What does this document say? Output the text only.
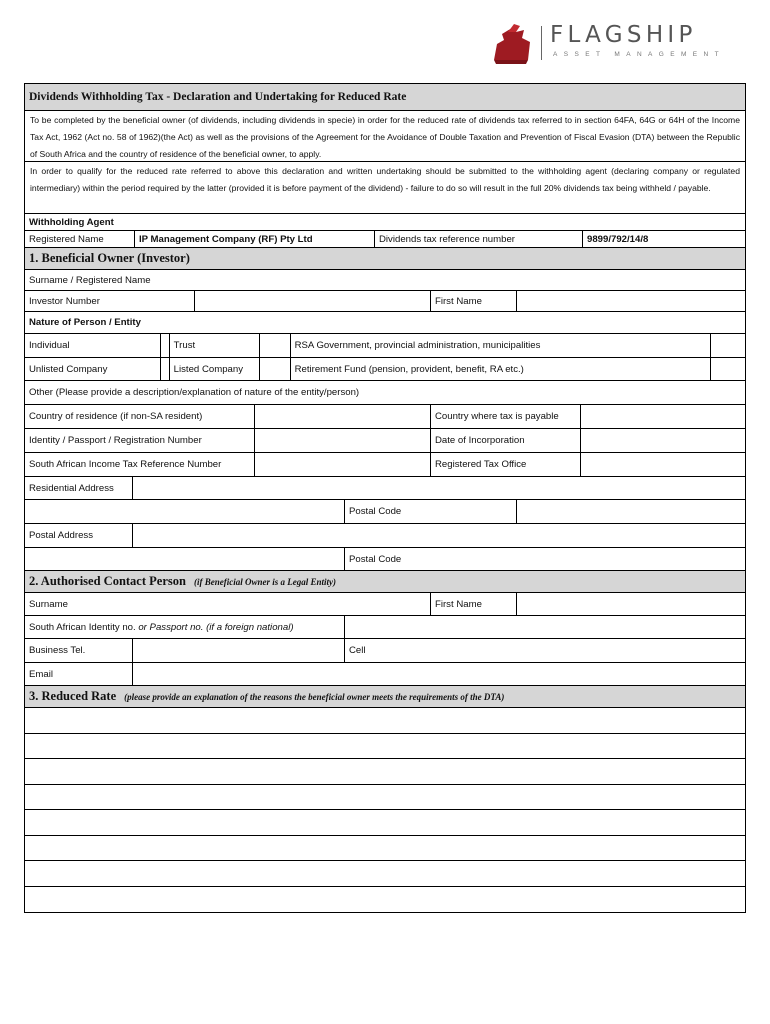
FLAGSHIP
ASSET MANAGEMENT
Dividends Withholding Tax - Declaration and Undertaking for Reduced Rate
To be completed by the beneficial owner (of dividends, including dividends in specie) in order for the reduced rate of dividends tax referred to in section 64FA, 64G or 64H of the Income Tax Act, 1962 (Act no. 58 of 1962)(the Act) as well as the provisions of the Agreement for the Avoidance of Double Taxation and Prevention of Fiscal Evasion (DTA) between the Republic of South Africa and the country of residence of the beneficial owner, to apply.
In order to qualify for the reduced rate referred to above this declaration and written undertaking should be submitted to the withholding agent (declaring company or regulated intermediary) within the period required by the latter (provided it is before payment of the dividend) - failure to do so will result in the full 20% dividends tax being withheld / payable.
Withholding Agent
Registered Name	IP Management Company (RF) Pty Ltd	Dividends tax reference number	9899/792/14/8
1. Beneficial Owner (Investor)
Surname / Registered Name
Investor Number	First Name
Nature of Person / Entity
Individual	Trust	RSA Government, provincial administration, municipalities
Unlisted Company	Listed Company	Retirement Fund (pension, provident, benefit, RA etc.)
Other (Please provide a description/explanation of nature of the entity/person)
Country of residence (if non-SA resident)	Country where tax is payable
Identity / Passport / Registration Number	Date of Incorporation
South African Income Tax Reference Number	Registered Tax Office
Residential Address
Postal Code
Postal Address
Postal Code
2. Authorised Contact Person (if Beneficial Owner is a Legal Entity)
Surname	First Name
South African Identity no.
or Passport no. (if a foreign national)
Business Tel.	Cell
Email
3. Reduced Rate (please provide an explanation of the reasons the beneficial owner meets the requirements of the DTA)
